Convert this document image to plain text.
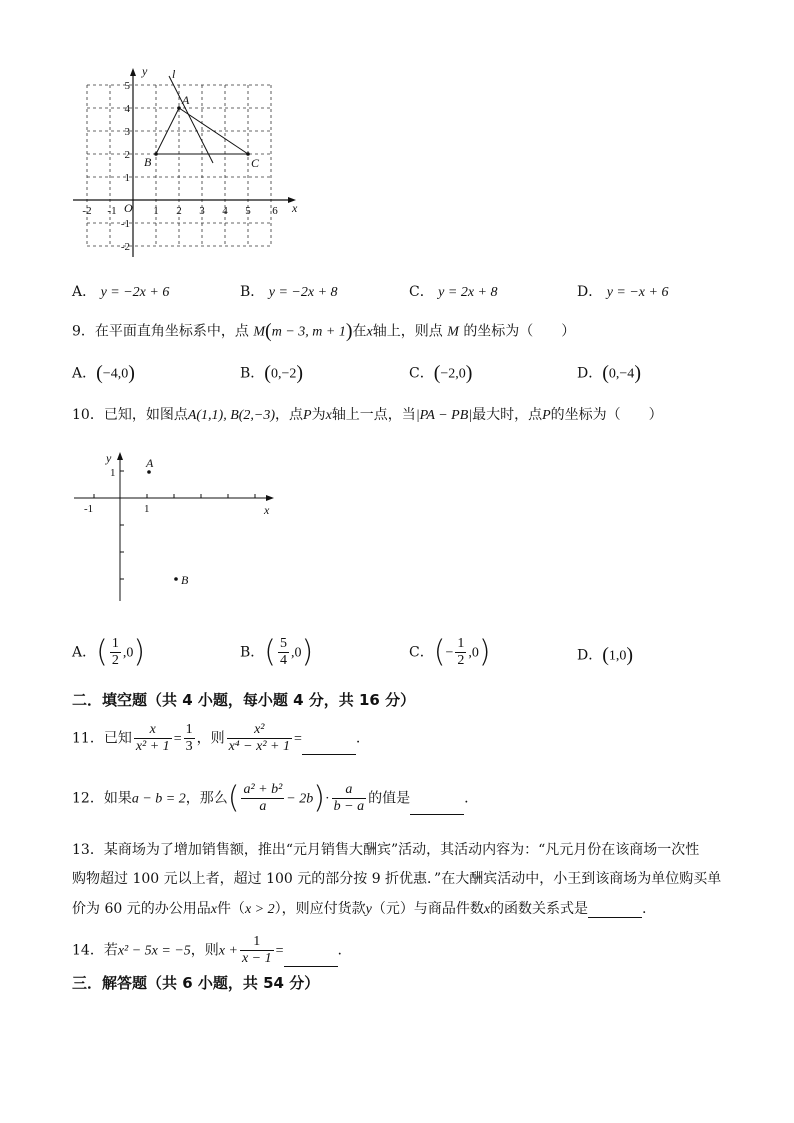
y
x
l
A
B	C
O
-2 -1	1 2 3 4 5 6
5
4
3
2
1
-1
-2
A． y = −2x + 6	B． y = −2x + 8	C． y = 2x + 8	D． y = −x + 6
9．在平面直角坐标系中，点 M(m − 3, m + 1)在x轴上，则点 M 的坐标为（　　）
A．(−4,0)	B．(0,−2)	C．(−2,0)	D．(0,−4)
10．已知，如图点A(1,1), B(2,−3)，点P为x轴上一点，当|PA − PB|最大时，点P的坐标为（　　）
y
x
A
B
1
1
-1
A．( $\frac{1}{2} ,0$)	B．( $\frac{5}{4} ,0$)	C．(− $\frac{1}{2} ,0$)	D．(1,0)
二．填空题（共 4 小题，每小题 4 分，共 16 分）
11．已知 $\frac{x}{\text{x² + 1}} = \frac{1}{3}$ ，则 $\frac{\text{x²}}{\text{x⁴ − x² + 1}}$ =	.
12．如果a − b = 2，那么( $\frac{\text{a² + b²}}{a} - 2b)\cdot \frac{a}{b - a}$ 的值是	.
13．某商场为了增加销售额，推出“元月销售大酬宾”活动，其活动内容为：“凡元月份在该商场一次性
购物超过 100 元以上者，超过 100 元的部分按 9 折优惠．”在大酬宾活动中，小王到该商场为单位购买单
价为 60 元的办公用品x件（x > 2），则应付货款y（元）与商品件数x的函数关系式是	.
14．若x² − 5x = −5，则$x + \frac{1}{x - 1}$ =	.
三．解答题（共 6 小题，共 54 分）
